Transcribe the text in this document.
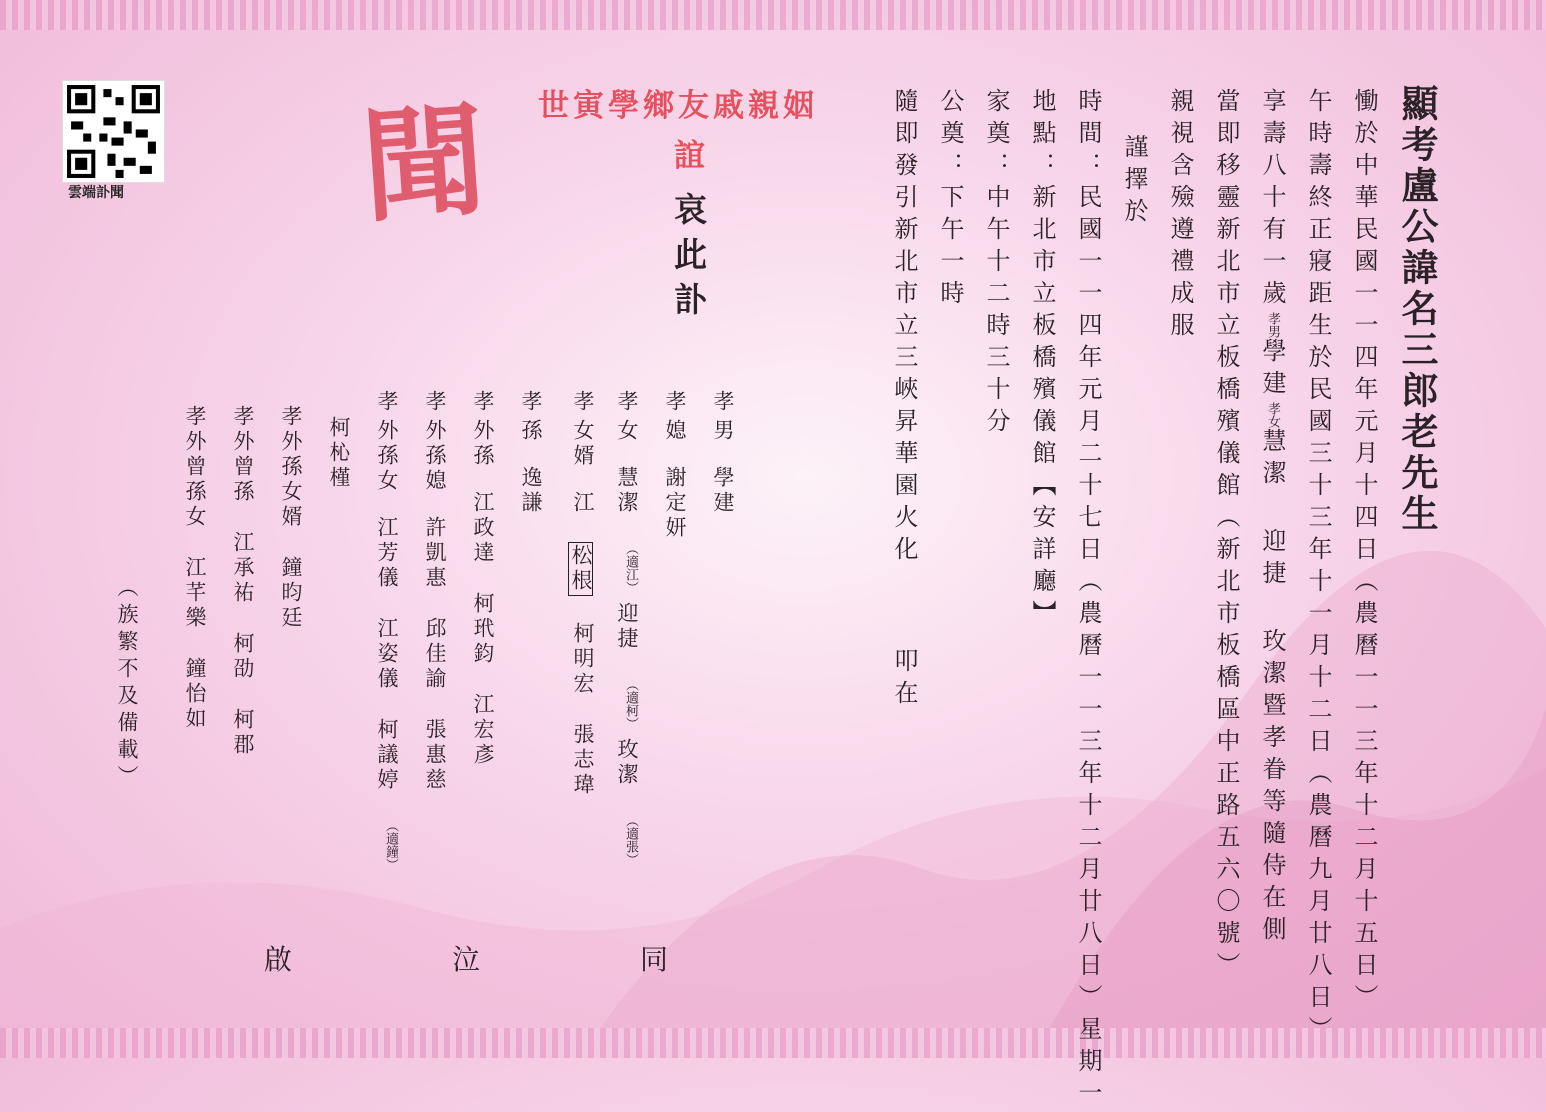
雲端訃聞 聞 世寅學鄉友戚親姻
誼
哀此訃	顯考盧公諱名三郎老先生
慟於中華民國一一四年元月十四日（農曆一一三年十二月十五日）
午時壽終正寢距生於民國三十三年十一月十二日（農曆九月廿八日）
享壽八十有一歲孝男學建孝女慧潔 迎捷 玫潔暨孝眷等隨侍在側
當即移靈新北市立板橋殯儀館（新北市板橋區中正路五六〇號）
親視含殮遵禮成服
謹擇於
時間：民國一一四年元月二十七日（農曆一一三年十二月廿八日）星期一
地點：新北市立板橋殯儀館【安詳廳】
家奠：中午十二時三十分
公奠：下午一時
隨即發引新北市立三峽昇華園火化
叩在
孝
男
學建
孝
媳
謝定妍
孝
女
慧潔
（適江）
迎捷
（適柯）
玫潔
（適張）
孝
女婿
江
松根
柯明宏
張志瑋
孝
孫
逸謙
孝
外孫
江政達
柯玳鈞
江宏彥
孝
外孫媳
許凱惠
邱佳諭
張惠慈
孝
外孫女
江芳儀
江姿儀
柯議婷
（適鐘）
柯杺槿
孝外孫女婿
鐘昀廷
孝外曾孫
江承祐
柯劭
柯郡
孝外曾孫女
江芊樂
鐘怡如
（族繁不及備載）
同
泣
啟
